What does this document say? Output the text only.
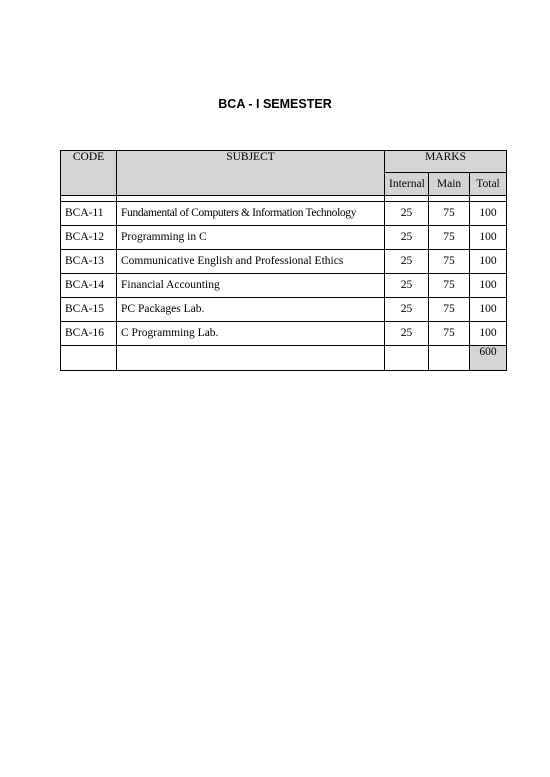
BCA - I SEMESTER
CODE	SUBJECT	MARKS		
		Internal	Main	Total

BCA-11	Fundamental of Computers & Information Technology	25	75	100
BCA-12	Programming in C	25	75	100
BCA-13	Communicative English and Professional Ethics	25	75	100
BCA-14	Financial Accounting	25	75	100
BCA-15	PC Packages Lab.	25	75	100
BCA-16	C Programming Lab.	25	75	100
				600
